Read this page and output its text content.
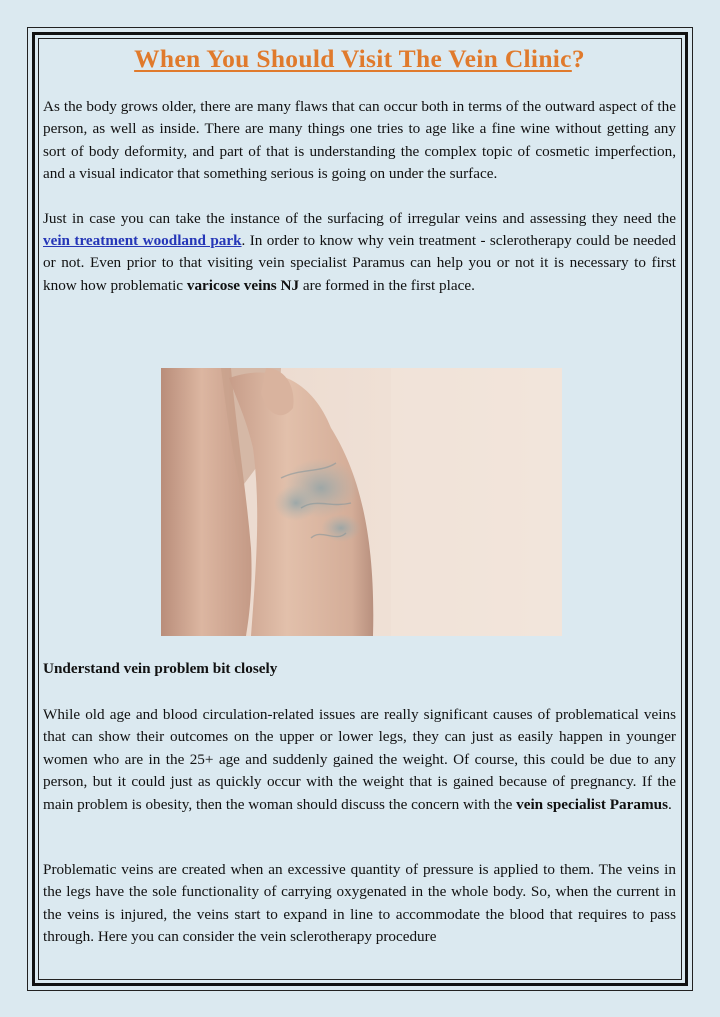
When You Should Visit The Vein Clinic?

As the body grows older, there are many flaws that can occur both in terms of the outward aspect of the person, as well as inside. There are many things one tries to age like a fine wine without getting any sort of body deformity, and part of that is understanding the complex topic of cosmetic imperfection, and a visual indicator that something serious is going on under the surface.

Just in case you can take the instance of the surfacing of irregular veins and assessing they need the vein treatment woodland park. In order to know why vein treatment - sclerotherapy could be needed or not. Even prior to that visiting vein specialist Paramus can help you or not it is necessary to first know how problematic varicose veins NJ are formed in the first place.

Understand vein problem bit closely

While old age and blood circulation-related issues are really significant causes of problematical veins that can show their outcomes on the upper or lower legs, they can just as easily happen in younger women who are in the 25+ age and suddenly gained the weight. Of course, this could be due to any person, but it could just as quickly occur with the weight that is gained because of pregnancy. If the main problem is obesity, then the woman should discuss the concern with the vein specialist Paramus.

Problematic veins are created when an excessive quantity of pressure is applied to them. The veins in the legs have the sole functionality of carrying oxygenated in the whole body. So, when the current in the veins is injured, the veins start to expand in line to accommodate the blood that requires to pass through. Here you can consider the vein sclerotherapy procedure
